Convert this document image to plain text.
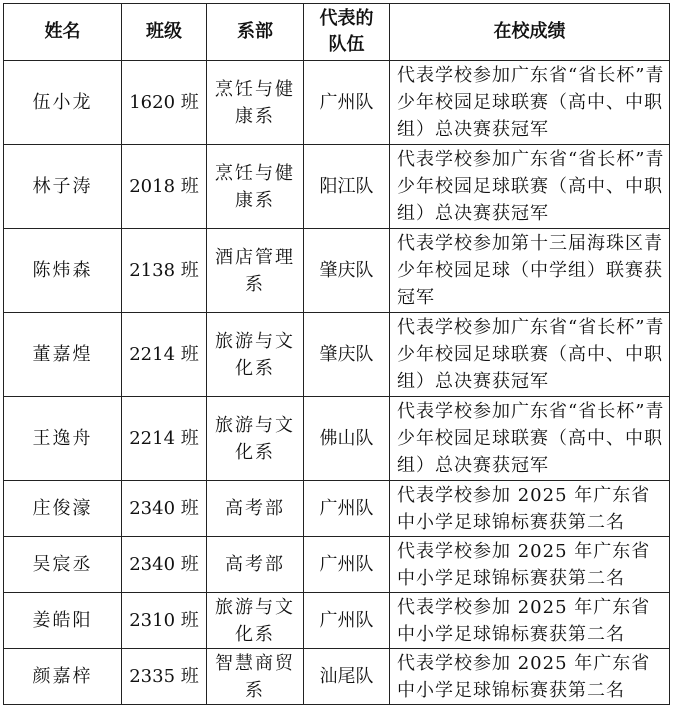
姓名	班级	系部	代表的队伍	在校成绩
伍小龙	1620 班	烹饪与健康系	广州队	代表学校参加广东省“省长杯”青少年校园足球联赛（高中、中职组）总决赛获冠军
林子涛	2018 班	烹饪与健康系	阳江队	代表学校参加广东省“省长杯”青少年校园足球联赛（高中、中职组）总决赛获冠军
陈炜森	2138 班	酒店管理系	肇庆队	代表学校参加第十三届海珠区青少年校园足球（中学组）联赛获冠军
董嘉煌	2214 班	旅游与文化系	肇庆队	代表学校参加广东省“省长杯”青少年校园足球联赛（高中、中职组）总决赛获冠军
王逸舟	2214 班	旅游与文化系	佛山队	代表学校参加广东省“省长杯”青少年校园足球联赛（高中、中职组）总决赛获冠军
庄俊濠	2340 班	高考部	广州队	代表学校参加 2025 年广东省中小学足球锦标赛获第二名
吴宸丞	2340 班	高考部	广州队	代表学校参加 2025 年广东省中小学足球锦标赛获第二名
姜皓阳	2310 班	旅游与文化系	广州队	代表学校参加 2025 年广东省中小学足球锦标赛获第二名
颜嘉梓	2335 班	智慧商贸系	汕尾队	代表学校参加 2025 年广东省中小学足球锦标赛获第二名
